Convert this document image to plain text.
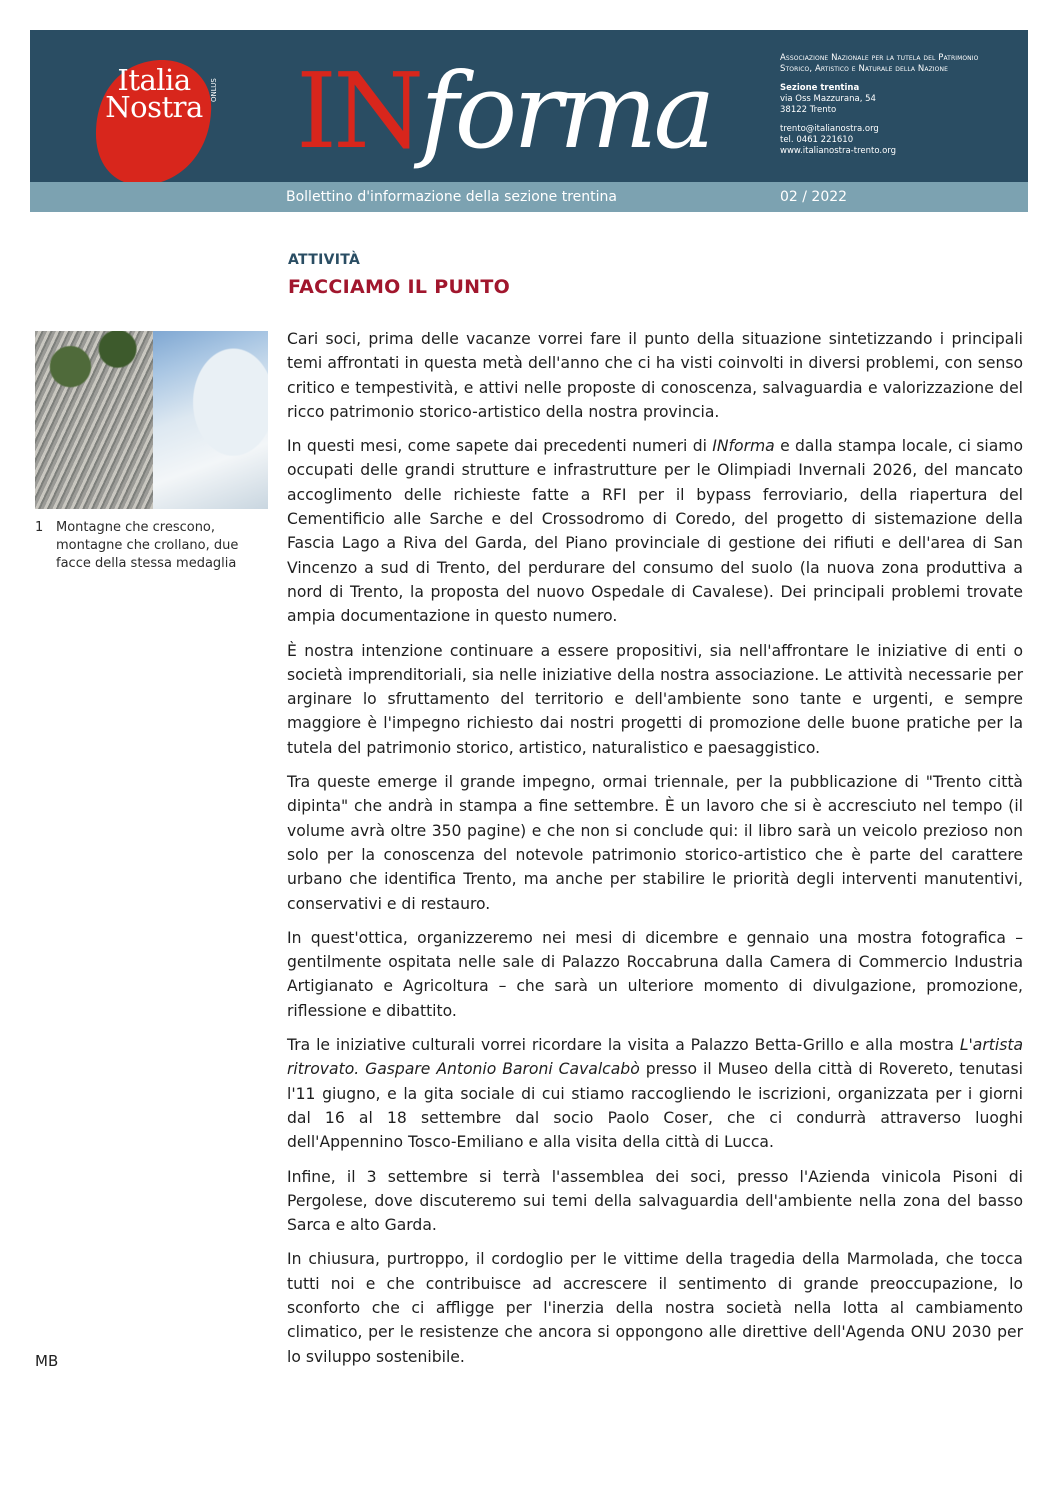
Italia
Nostra	ONLUS INforma	Associazione Nazionale per la tutela del Patrimonio
Storico, Artistico e Naturale della Nazione
Sezione trentina
via Oss Mazzurana, 54
38122 Trento
trento@italianostra.org
tel. 0461 221610
www.italianostra-trento.org
Bollettino d'informazione della sezione trentina	02 / 2022
ATTIVITÀ
FACCIAMO IL PUNTO
1 Montagne che crescono, montagne che crollano, due facce della stessa medaglia
MB

Cari soci, prima delle vacanze vorrei fare il punto della situazione sintetizzando i principali temi affrontati in questa metà dell'anno che ci ha visti coinvolti in diversi problemi, con senso critico e tempestività, e attivi nelle proposte di conoscenza, salvaguardia e valorizzazione del ricco patrimonio storico-artistico della nostra provincia.

In questi mesi, come sapete dai precedenti numeri di INforma e dalla stampa locale, ci siamo occupati delle grandi strutture e infrastrutture per le Olimpiadi Invernali 2026, del mancato accoglimento delle richieste fatte a RFI per il bypass ferroviario, della riapertura del Cementificio alle Sarche e del Crossodromo di Coredo, del progetto di sistemazione della Fascia Lago a Riva del Garda, del Piano provinciale di gestione dei rifiuti e dell'area di San Vincenzo a sud di Trento, del perdurare del consumo del suolo (la nuova zona produttiva a nord di Trento, la proposta del nuovo Ospedale di Cavalese). Dei principali problemi trovate ampia documentazione in questo numero.

È nostra intenzione continuare a essere propositivi, sia nell'affrontare le iniziative di enti o società imprenditoriali, sia nelle iniziative della nostra associazione. Le attività necessarie per arginare lo sfruttamento del territorio e dell'ambiente sono tante e urgenti, e sempre maggiore è l'impegno richiesto dai nostri progetti di promozione delle buone pratiche per la tutela del patrimonio storico, artistico, naturalistico e paesaggistico.

Tra queste emerge il grande impegno, ormai triennale, per la pubblicazione di "Trento città dipinta" che andrà in stampa a fine settembre. È un lavoro che si è accresciuto nel tempo (il volume avrà oltre 350 pagine) e che non si conclude qui: il libro sarà un veicolo prezioso non solo per la conoscenza del notevole patrimonio storico-artistico che è parte del carattere urbano che identifica Trento, ma anche per stabilire le priorità degli interventi manutentivi, conservativi e di restauro.

In quest'ottica, organizzeremo nei mesi di dicembre e gennaio una mostra fotografica – gentilmente ospitata nelle sale di Palazzo Roccabruna dalla Camera di Commercio Industria Artigianato e Agricoltura – che sarà un ulteriore momento di divulgazione, promozione, riflessione e dibattito.

Tra le iniziative culturali vorrei ricordare la visita a Palazzo Betta-Grillo e alla mostra L'artista ritrovato. Gaspare Antonio Baroni Cavalcabò presso il Museo della città di Rovereto, tenutasi l'11 giugno, e la gita sociale di cui stiamo raccogliendo le iscrizioni, organizzata per i giorni dal 16 al 18 settembre dal socio Paolo Coser, che ci condurrà attraverso luoghi dell'Appennino Tosco-Emiliano e alla visita della città di Lucca.

Infine, il 3 settembre si terrà l'assemblea dei soci, presso l'Azienda vinicola Pisoni di Pergolese, dove discuteremo sui temi della salvaguardia dell'ambiente nella zona del basso Sarca e alto Garda.

In chiusura, purtroppo, il cordoglio per le vittime della tragedia della Marmolada, che tocca tutti noi e che contribuisce ad accrescere il sentimento di grande preoccupazione, lo sconforto che ci affligge per l'inerzia della nostra società nella lotta al cambiamento climatico, per le resistenze che ancora si oppongono alle direttive dell'Agenda ONU 2030 per lo sviluppo sostenibile.
